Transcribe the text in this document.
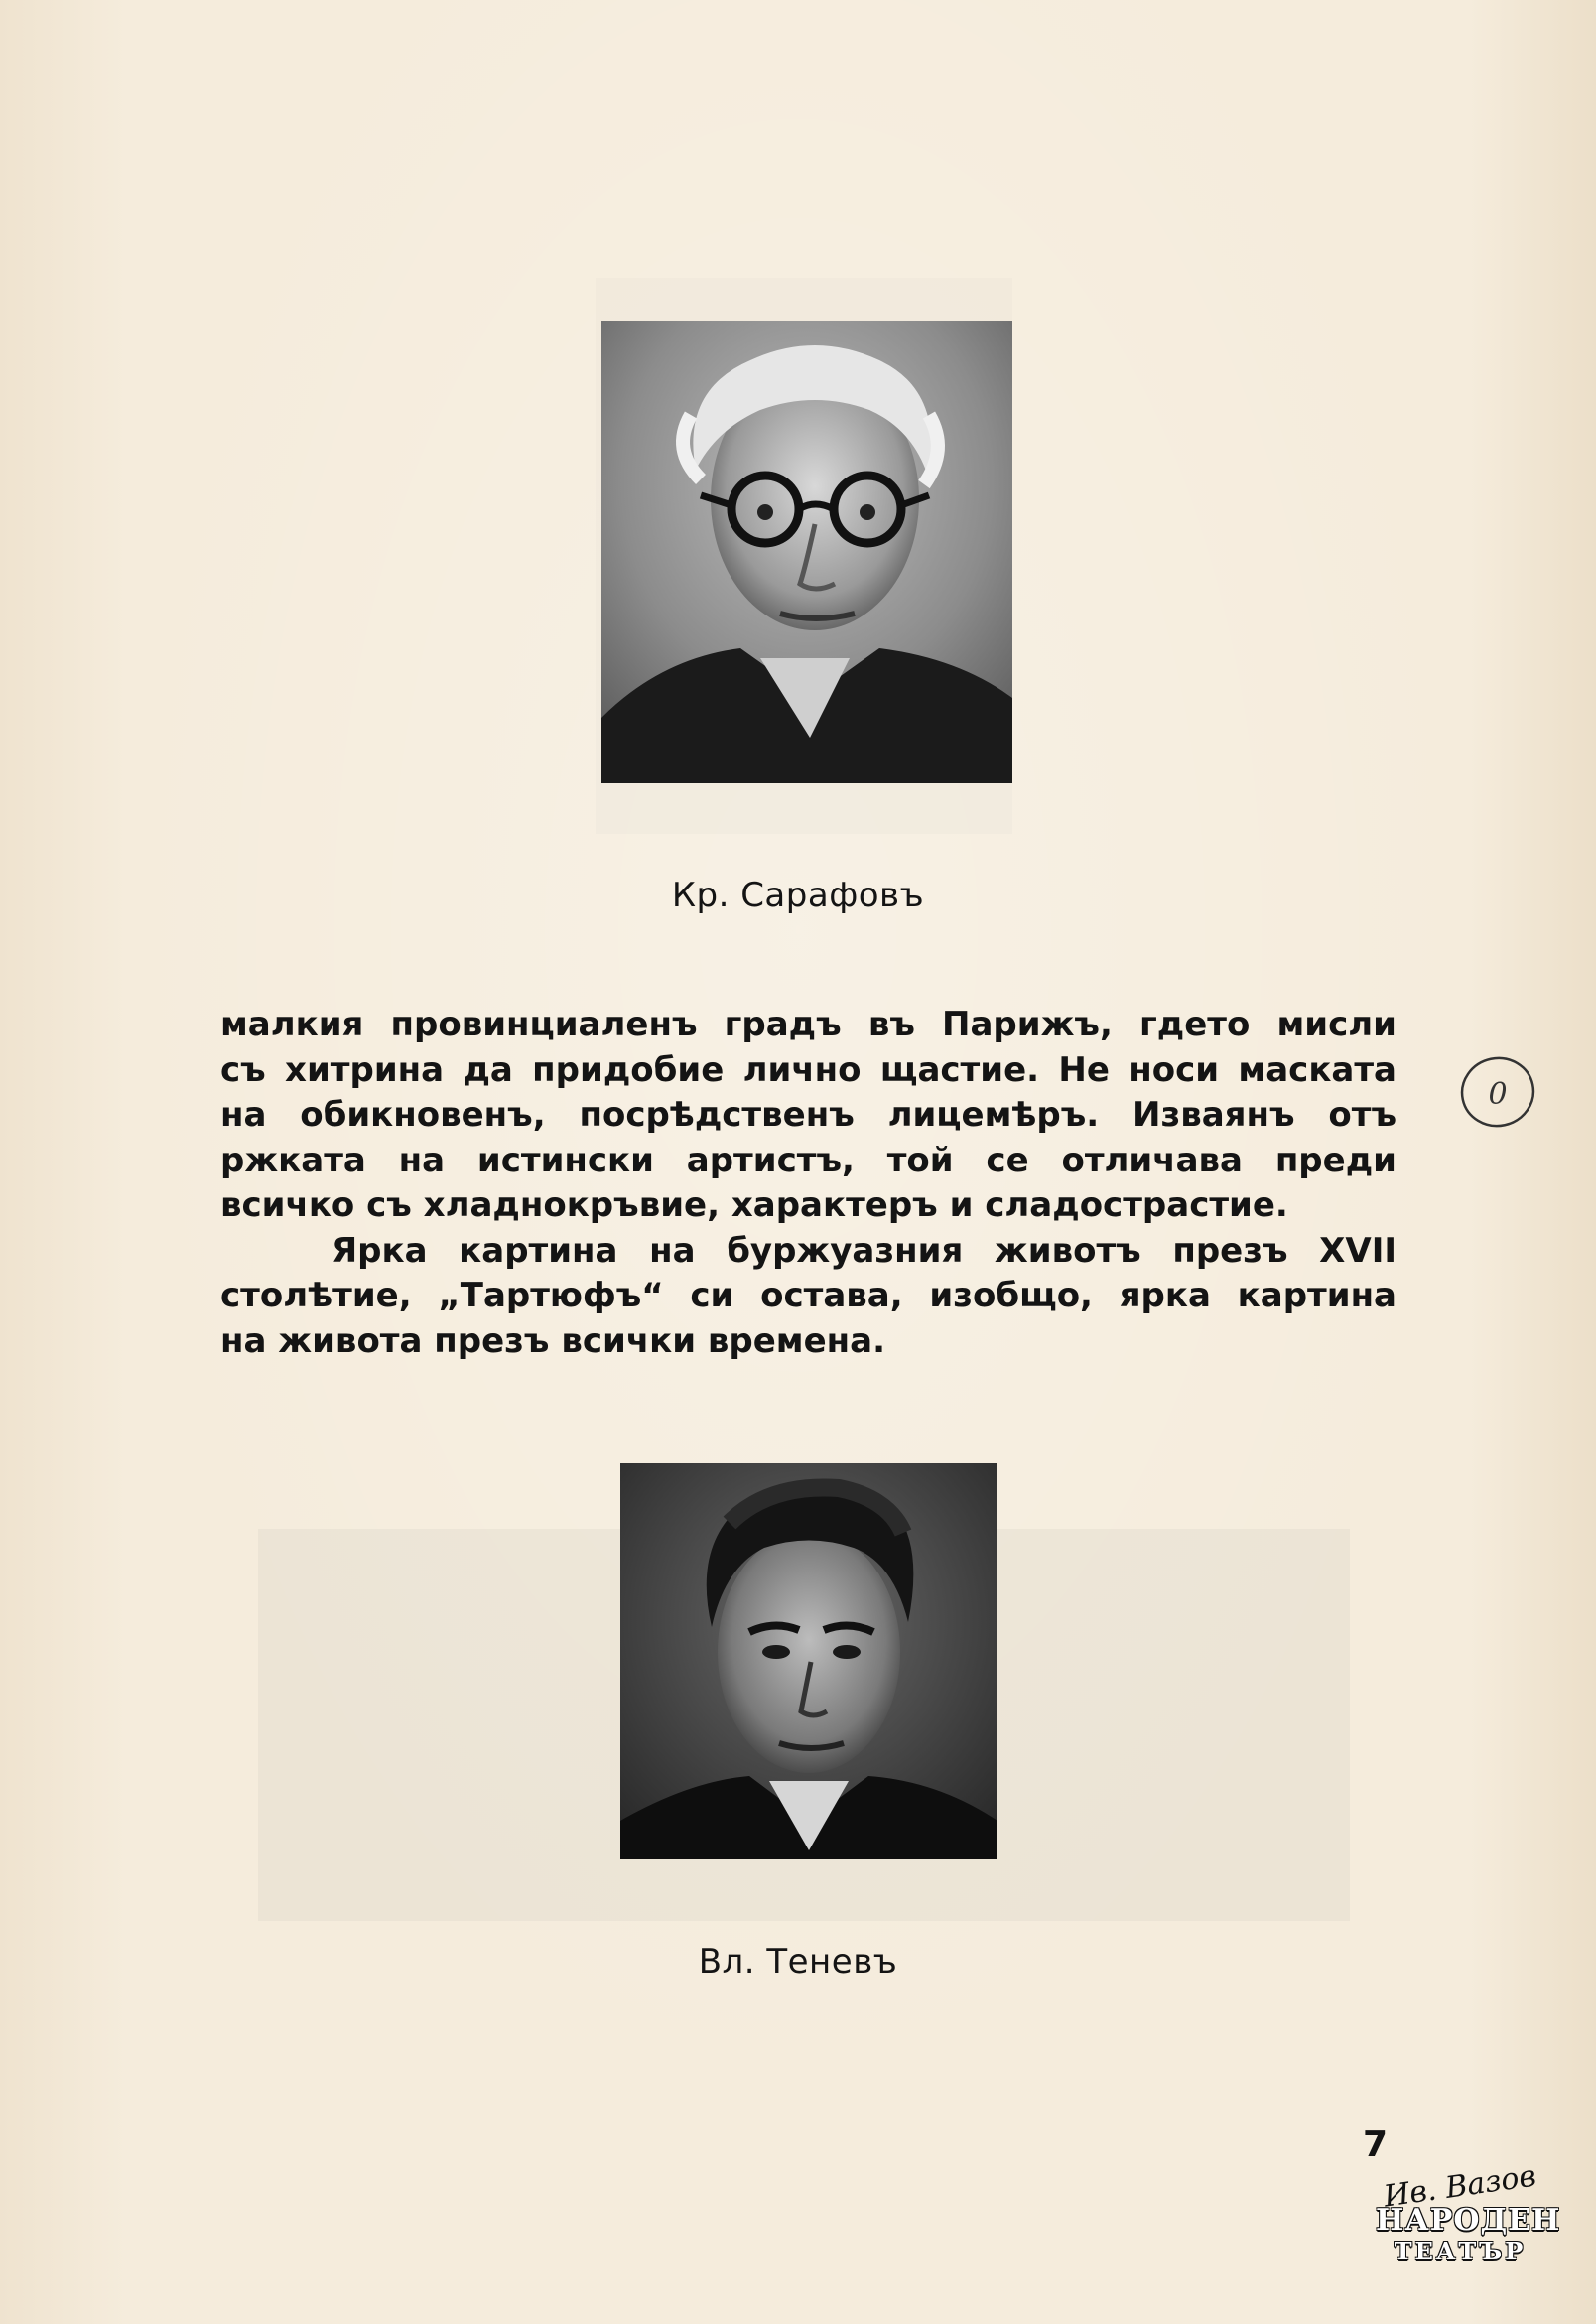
Кр. Сарафовъ
малкия провинциаленъ градъ въ Парижъ, гдето мисли
съ хитрина да придобие лично щастие. Не носи маската
на обикновенъ, посрѣдственъ лицемѣръ. Изваянъ отъ
ржката на истински артистъ, той се отличава преди
всичко съ хладнокръвие, характеръ и сладострастие.
Ярка картина на буржуазния животъ презъ XVII
столѣтие, „Тартюфъ“ си остава, изобщо, ярка картина
на живота презъ всички времена.
0
Вл. Теневъ
7
Ив. Вазов
НАРОДЕН
ТЕАТЪР
